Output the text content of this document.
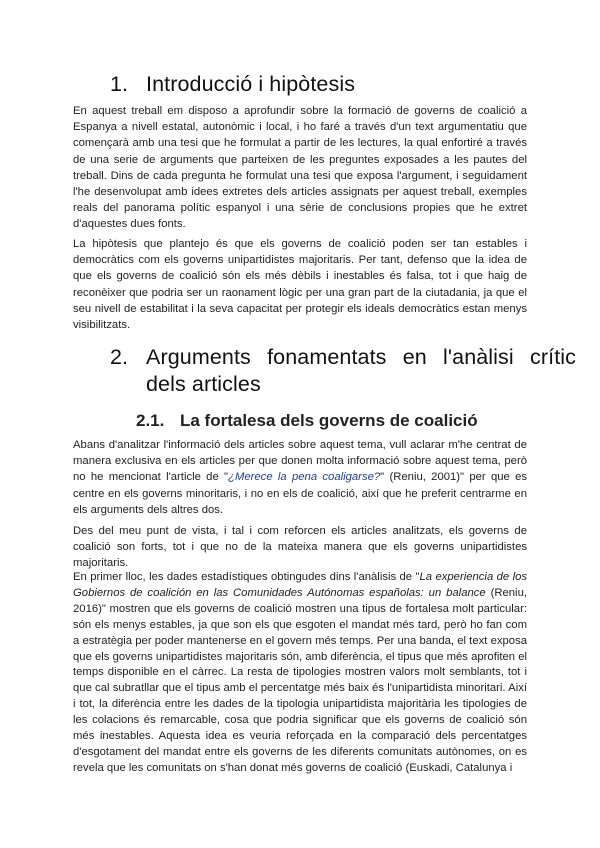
1. Introducció i hipòtesis

En aquest treball em disposo a aprofundir sobre la formació de governs de coalició a Espanya a nivell estatal, autonòmic i local, i ho faré a través d'un text argumentatiu que començarà amb una tesi que he formulat a partir de les lectures, la qual enfortiré a través de una serie de arguments que parteixen de les preguntes exposades a les pautes del treball. Dins de cada pregunta he formulat una tesi que exposa l'argument, i seguidament l'he desenvolupat amb idees extretes dels articles assignats per aquest treball, exemples reals del panorama polític espanyol i una sèrie de conclusions propies que he extret d'aquestes dues fonts.

La hipòtesis que plantejo és que els governs de coalició poden ser tan estables i democràtics com els governs unipartidistes majoritaris. Per tant, defenso que la idea de que els governs de coalició són els més dèbils i inestables és falsa, tot i que haig de reconèixer que podria ser un raonament lògic per una gran part de la ciutadania, ja que el seu nivell de estabilitat i la seva capacitat per protegir els ideals democràtics estan menys visibilitzats.

2. Arguments fonamentats en l'anàlisi crític dels articles
2.1. La fortalesa dels governs de coalició

Abans d'analitzar l'informació dels articles sobre aquest tema, vull aclarar m'he centrat de manera exclusiva en els articles per que donen molta informació sobre aquest tema, però no he mencionat l'article de "¿Merece la pena coaligarse?" (Reniu, 2001)" per que es centre en els governs minoritaris, i no en els de coalició, així que he preferit centrarme en els arguments dels altres dos.

Des del meu punt de vista, i tal i com reforcen els articles analitzats, els governs de coalició son forts, tot i que no de la mateixa manera que els governs unipartidistes majoritaris.

En primer lloc, les dades estadístiques obtingudes dins l'anàlisis de "La experiencia de los Gobiernos de coalición en las Comunidades Autónomas españolas: un balance (Reniu, 2016)" mostren que els governs de coalició mostren una tipus de fortalesa molt particular: són els menys estables, ja que son els que esgoten el mandat més tard, però ho fan com a estratègia per poder mantenerse en el govern més temps. Per una banda, el text exposa que els governs unipartidistes majoritaris són, amb diferència, el tipus que més aprofiten el temps disponible en el càrrec. La resta de tipologies mostren valors molt semblants, tot i que cal subratllar que el tipus amb el percentatge més baix és l'unipartidista minoritari. Així i tot, la diferència entre les dades de la tipologia unipartidista majoritària les tipologies de les colacions és remarcable, cosa que podria significar que els governs de coalició són més inestables. Aquesta idea es veuria reforçada en la comparació dels percentatges d'esgotament del mandat entre els governs de les diferents comunitats autònomes, on es revela que les comunitats on s'han donat més governs de coalició (Euskadi, Catalunya i
